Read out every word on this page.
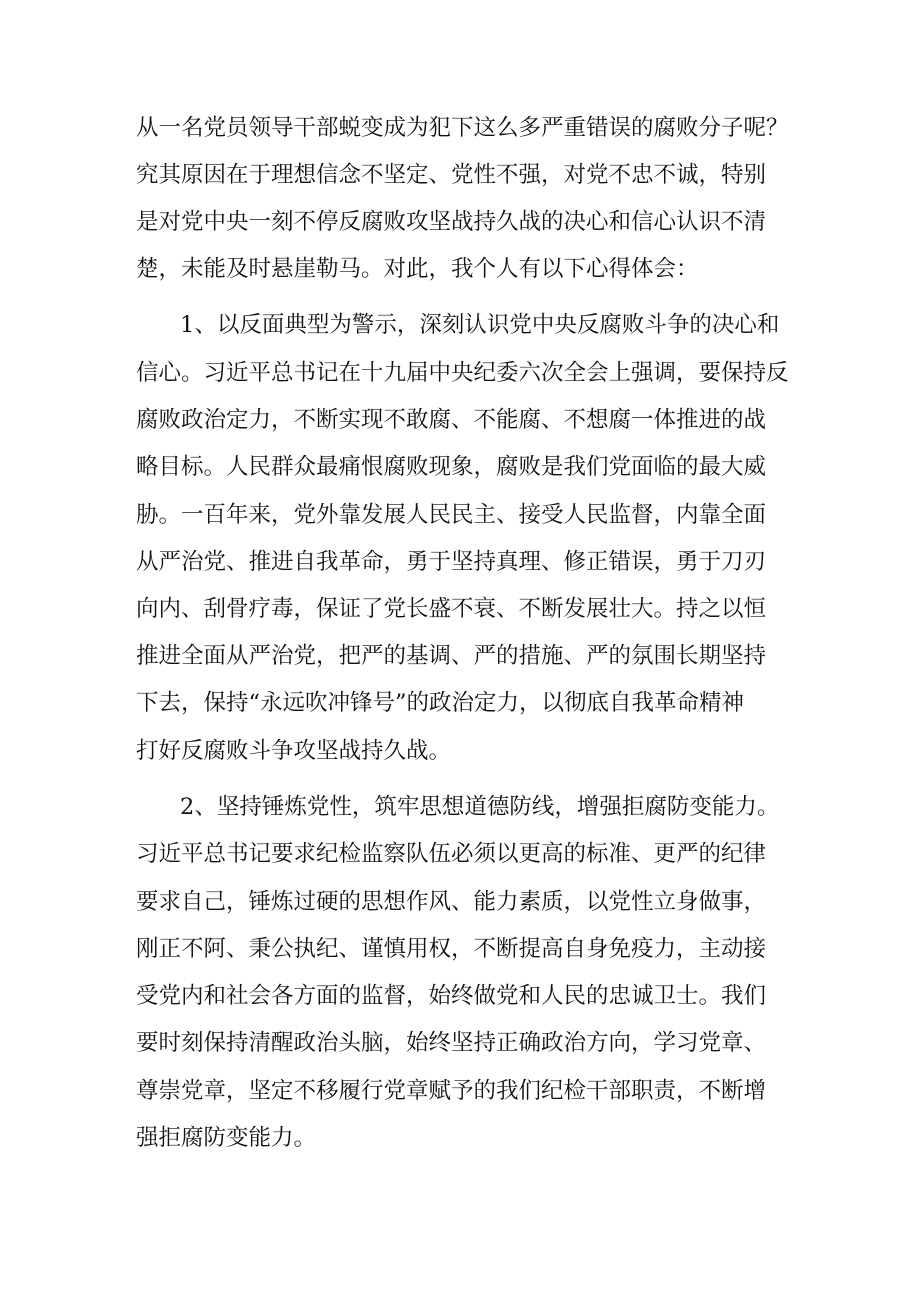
从一名党员领导干部蜕变成为犯下这么多严重错误的腐败分子呢？
究其原因在于理想信念不坚定、党性不强，对党不忠不诚，特别
是对党中央一刻不停反腐败攻坚战持久战的决心和信心认识不清
楚，未能及时悬崖勒马。对此，我个人有以下心得体会：
1、以反面典型为警示，深刻认识党中央反腐败斗争的决心和
信心。习近平总书记在十九届中央纪委六次全会上强调，要保持反
腐败政治定力，不断实现不敢腐、不能腐、不想腐一体推进的战
略目标。人民群众最痛恨腐败现象，腐败是我们党面临的最大威
胁。一百年来，党外靠发展人民民主、接受人民监督，内靠全面
从严治党、推进自我革命，勇于坚持真理、修正错误，勇于刀刃
向内、刮骨疗毒，保证了党长盛不衰、不断发展壮大。持之以恒
推进全面从严治党，把严的基调、严的措施、严的氛围长期坚持
下去，保持“永远吹冲锋号”的政治定力，以彻底自我革命精神
打好反腐败斗争攻坚战持久战。
2、坚持锤炼党性，筑牢思想道德防线，增强拒腐防变能力。
习近平总书记要求纪检监察队伍必须以更高的标准、更严的纪律
要求自己，锤炼过硬的思想作风、能力素质，以党性立身做事，
刚正不阿、秉公执纪、谨慎用权，不断提高自身免疫力，主动接
受党内和社会各方面的监督，始终做党和人民的忠诚卫士。我们
要时刻保持清醒政治头脑，始终坚持正确政治方向，学习党章、
尊崇党章，坚定不移履行党章赋予的我们纪检干部职责，不断增
强拒腐防变能力。
